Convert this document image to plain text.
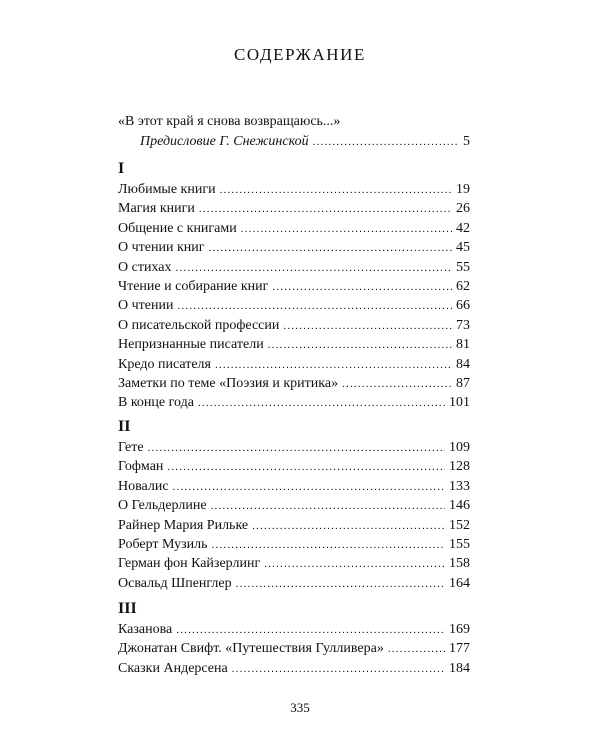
СОДЕРЖАНИЕ
«В этот край я снова возвращаюсь...»
Предисловие Г. Снежинской .....	5
I
Любимые книги .....	19
Магия книги .....	26
Общение с книгами .....	42
О чтении книг .....	45
О стихах .....	55
Чтение и собирание книг .....	62
О чтении .....	66
О писательской профессии .....	73
Непризнанные писатели .....	81
Кредо писателя .....	84
Заметки по теме «Поэзия и критика» .....	87
В конце года .....	101
II
Гете .....	109
Гофман .....	128
Новалис .....	133
О Гельдерлине .....	146
Райнер Мария Рильке .....	152
Роберт Музиль .....	155
Герман фон Кайзерлинг .....	158
Освальд Шпенглер .....	164
III
Казанова .....	169
Джонатан Свифт. «Путешествия Гулливера» .....	177
Сказки Андерсена .....	184
335
